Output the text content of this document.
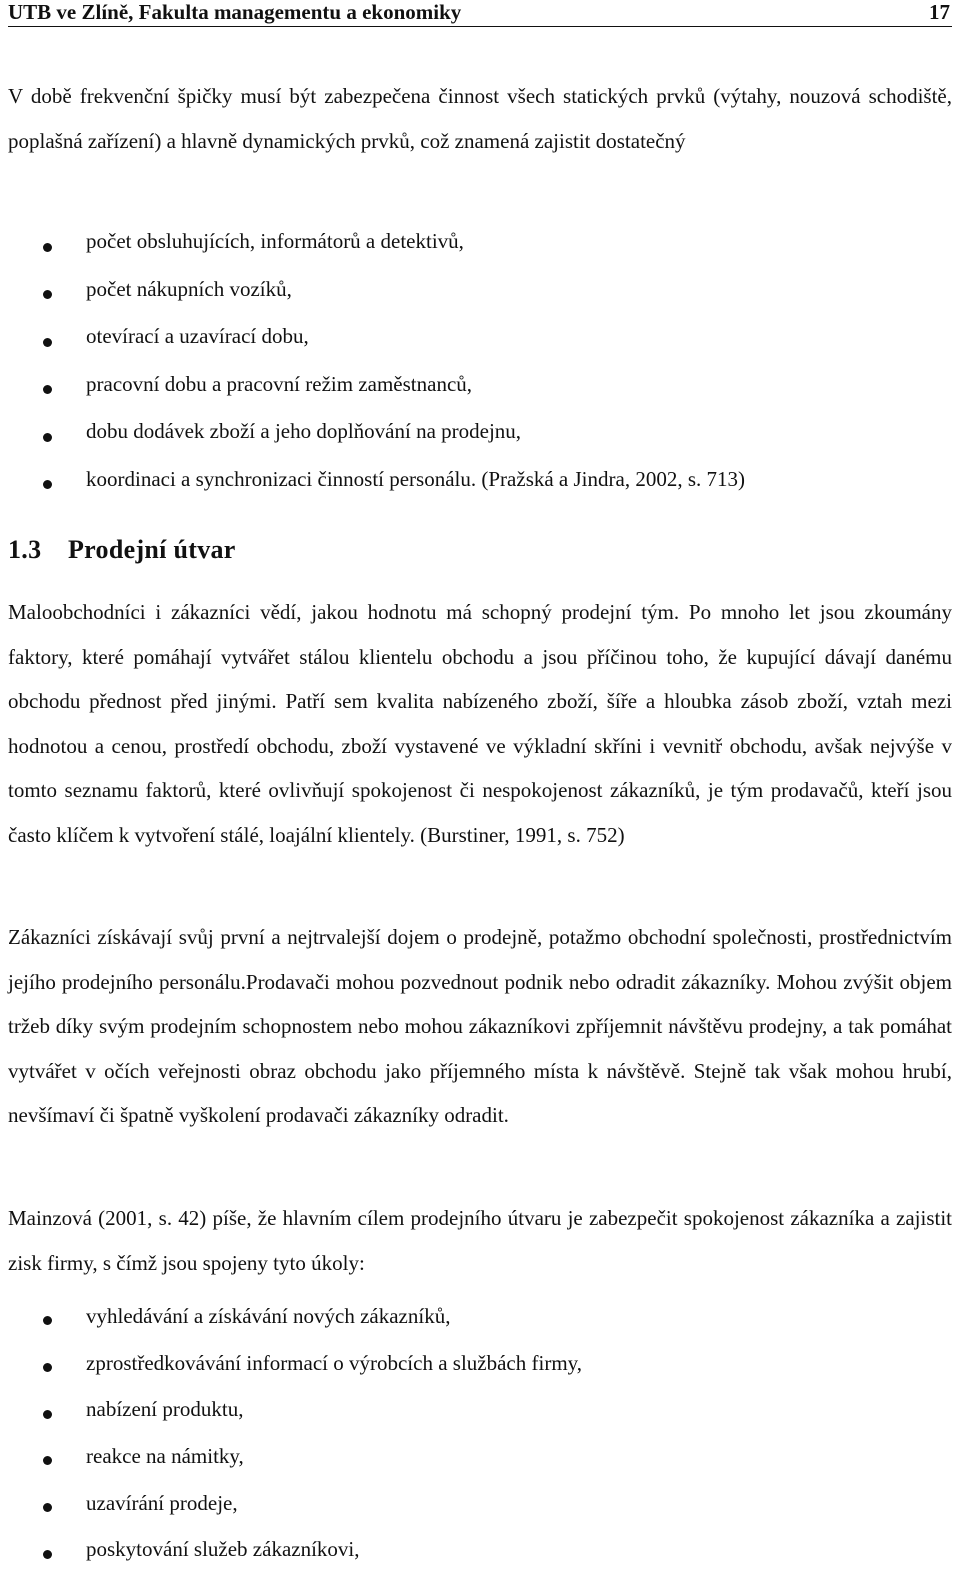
UTB ve Zlíně, Fakulta managementu a ekonomiky	17

V době frekvenční špičky musí být zabezpečena činnost všech statických prvků (výtahy, nouzová schodiště, poplašná zařízení) a hlavně dynamických prvků, což znamená zajistit dostatečný

počet obsluhujících, informátorů a detektivů,
počet nákupních vozíků,
otevírací a uzavírací dobu,
pracovní dobu a pracovní režim zaměstnanců,
dobu dodávek zboží a jeho doplňování na prodejnu,
koordinaci a synchronizaci činností personálu. (Pražská a Jindra, 2002, s. 713)
1.3 Prodejní útvar

Maloobchodníci i zákazníci vědí, jakou hodnotu má schopný prodejní tým. Po mnoho let jsou zkoumány faktory, které pomáhají vytvářet stálou klientelu obchodu a jsou příčinou toho, že kupující dávají danému obchodu přednost před jinými. Patří sem kvalita nabízeného zboží, šíře a hloubka zásob zboží, vztah mezi hodnotou a cenou, prostředí obchodu, zboží vystavené ve výkladní skříni i vevnitř obchodu, avšak nejvýše v tomto seznamu faktorů, které ovlivňují spokojenost či nespokojenost zákazníků, je tým prodavačů, kteří jsou často klíčem k vytvoření stálé, loajální klientely. (Burstiner, 1991, s. 752)

Zákazníci získávají svůj první a nejtrvalejší dojem o prodejně, potažmo obchodní společnosti, prostřednictvím jejího prodejního personálu.Prodavači mohou pozvednout podnik nebo odradit zákazníky. Mohou zvýšit objem tržeb díky svým prodejním schopnostem nebo mohou zákazníkovi zpříjemnit návštěvu prodejny, a tak pomáhat vytvářet v očích veřejnosti obraz obchodu jako příjemného místa k návštěvě. Stejně tak však mohou hrubí, nevšímaví či špatně vyškolení prodavači zákazníky odradit.

Mainzová (2001, s. 42) píše, že hlavním cílem prodejního útvaru je zabezpečit spokojenost zákazníka a zajistit zisk firmy, s čímž jsou spojeny tyto úkoly:

vyhledávání a získávání nových zákazníků,
zprostředkovávání informací o výrobcích a službách firmy,
nabízení produktu,
reakce na námitky,
uzavírání prodeje,
poskytování služeb zákazníkovi,
